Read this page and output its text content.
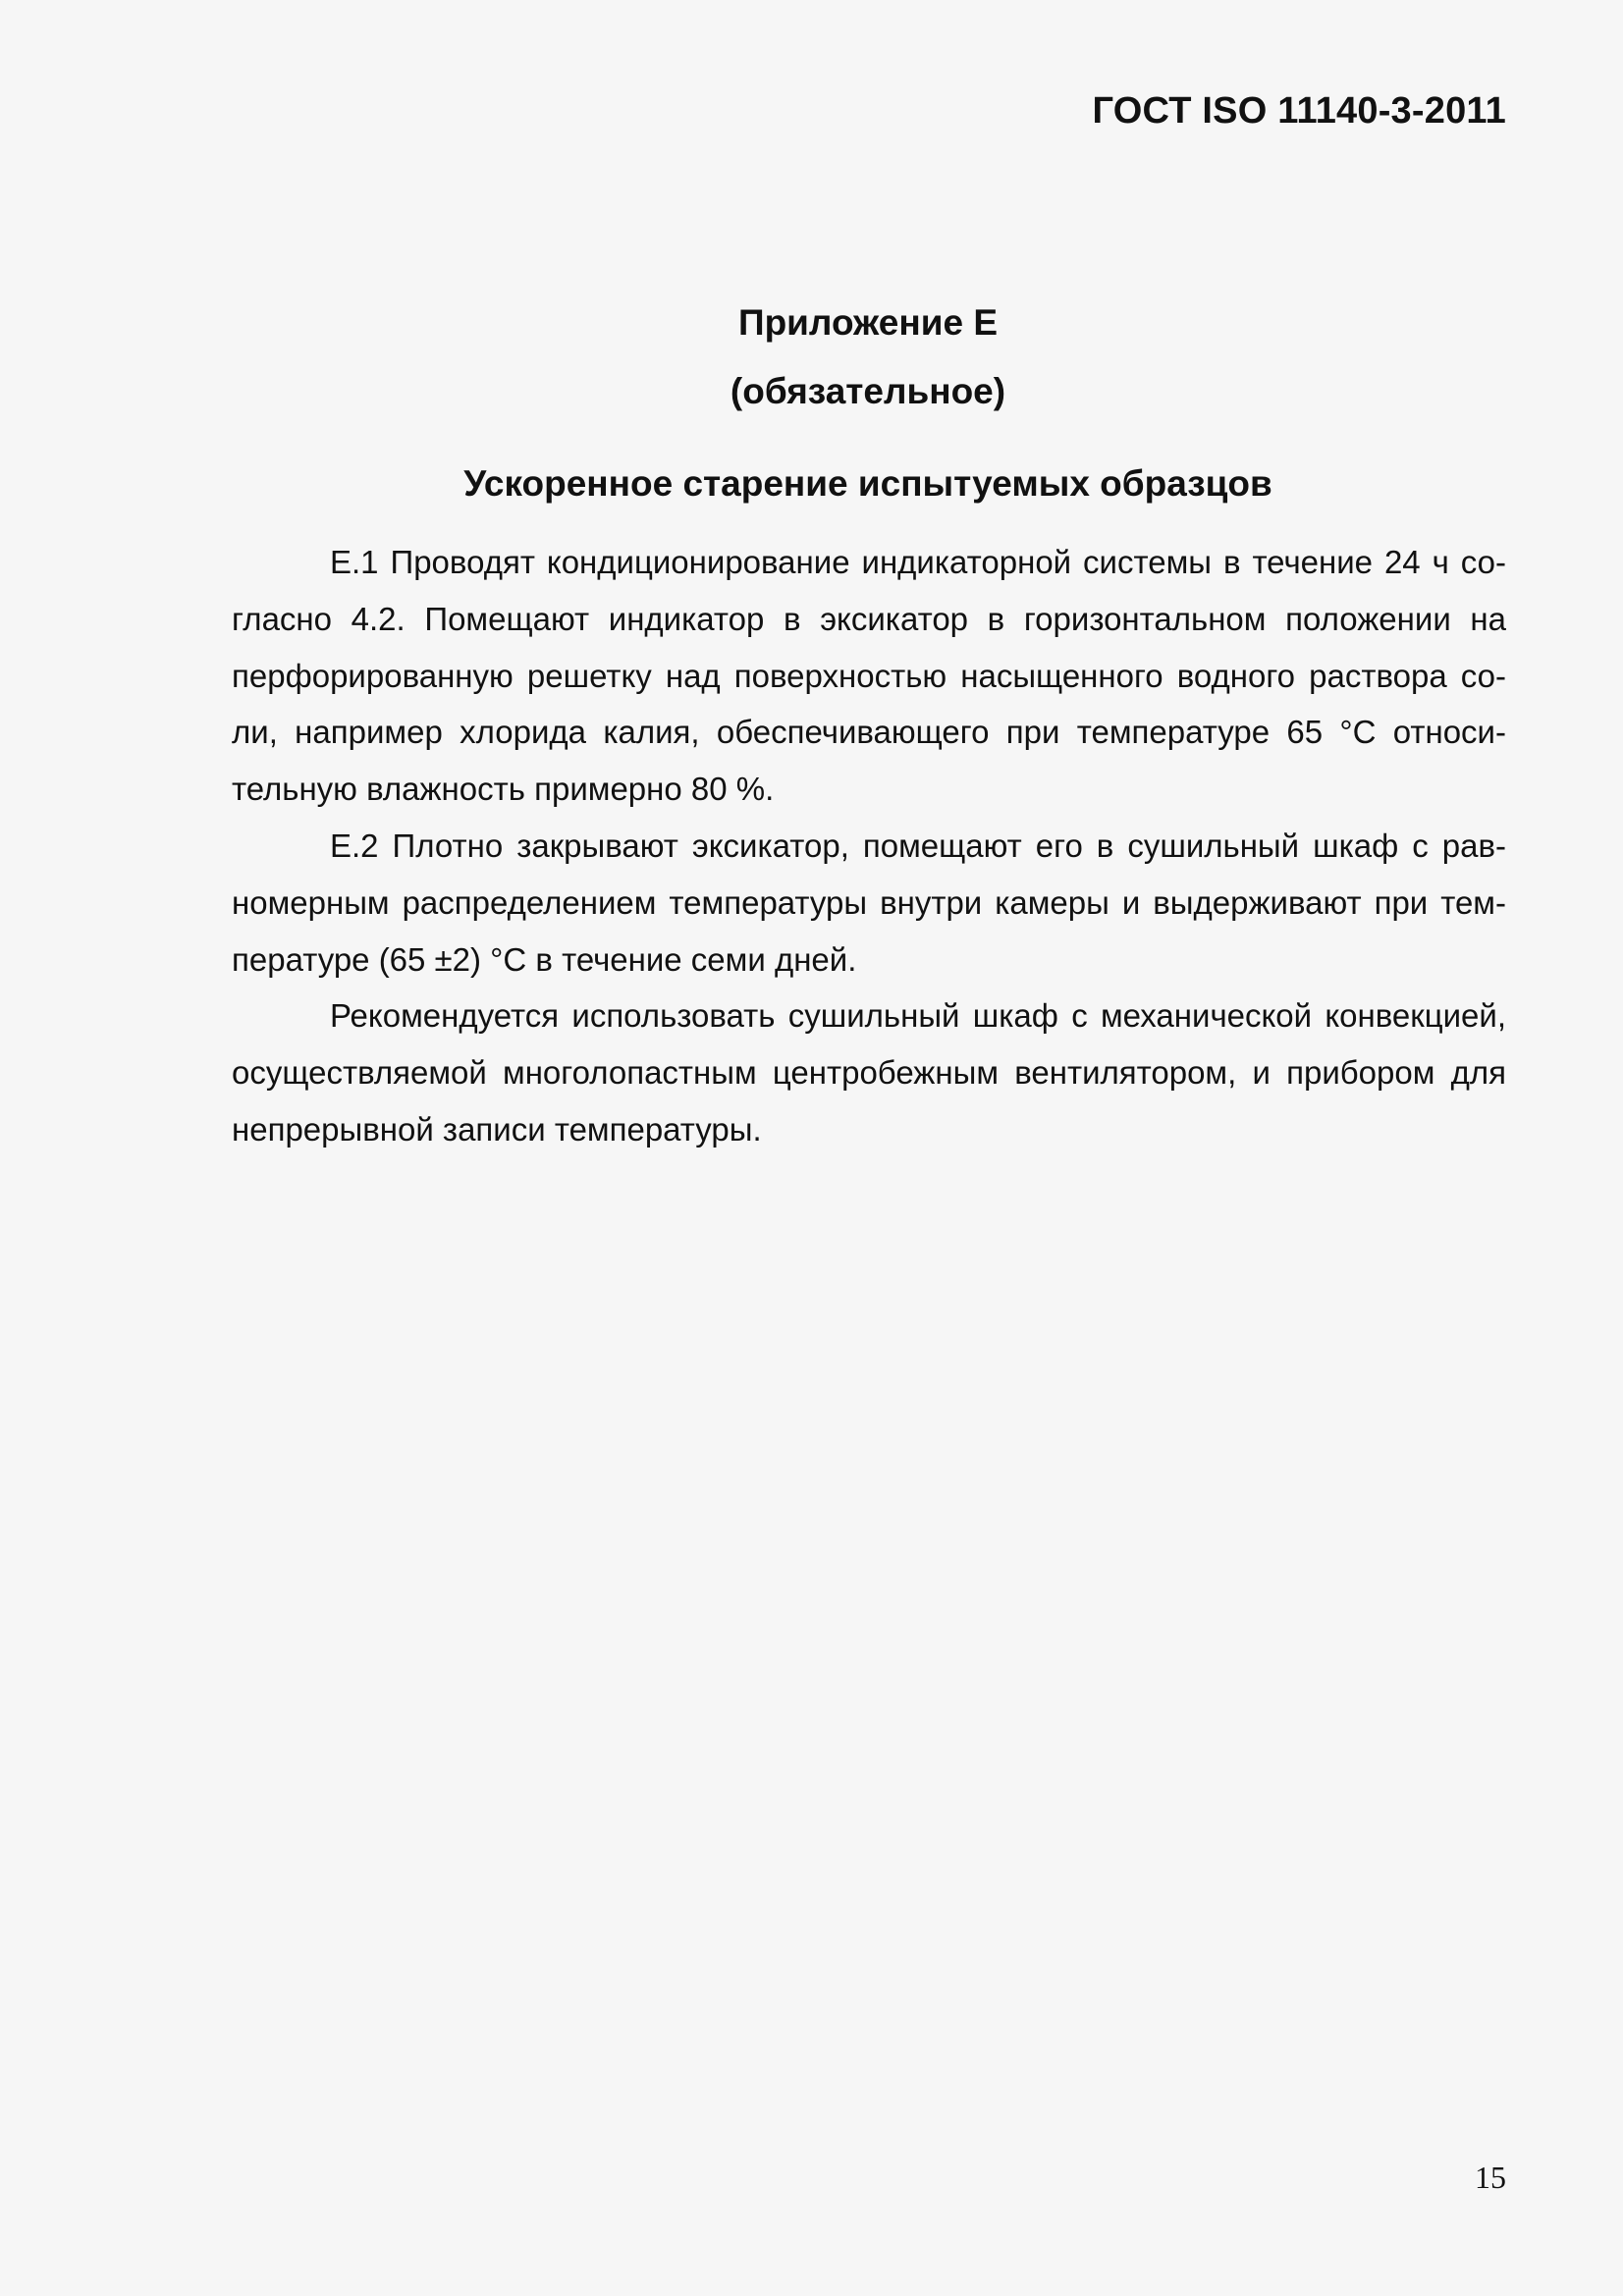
ГОСТ ISO 11140-3-2011
Приложение Е
(обязательное)
Ускоренное старение испытуемых образцов

Е.1 Проводят кондиционирование индикаторной системы в течение 24 ч согласно 4.2. Помещают индикатор в эксикатор в горизонтальном положении на перфорированную решетку над поверхностью насыщенного водного раствора соли, например хлорида калия, обеспечивающего при температуре 65 °С относительную влажность примерно 80 %.

Е.2 Плотно закрывают эксикатор, помещают его в сушильный шкаф с равномерным распределением температуры внутри камеры и выдерживают при температуре (65 ±2) °С в течение семи дней.

Рекомендуется использовать сушильный шкаф с механической конвекцией, осуществляемой многолопастным центробежным вентилятором, и прибором для непрерывной записи температуры.

15
